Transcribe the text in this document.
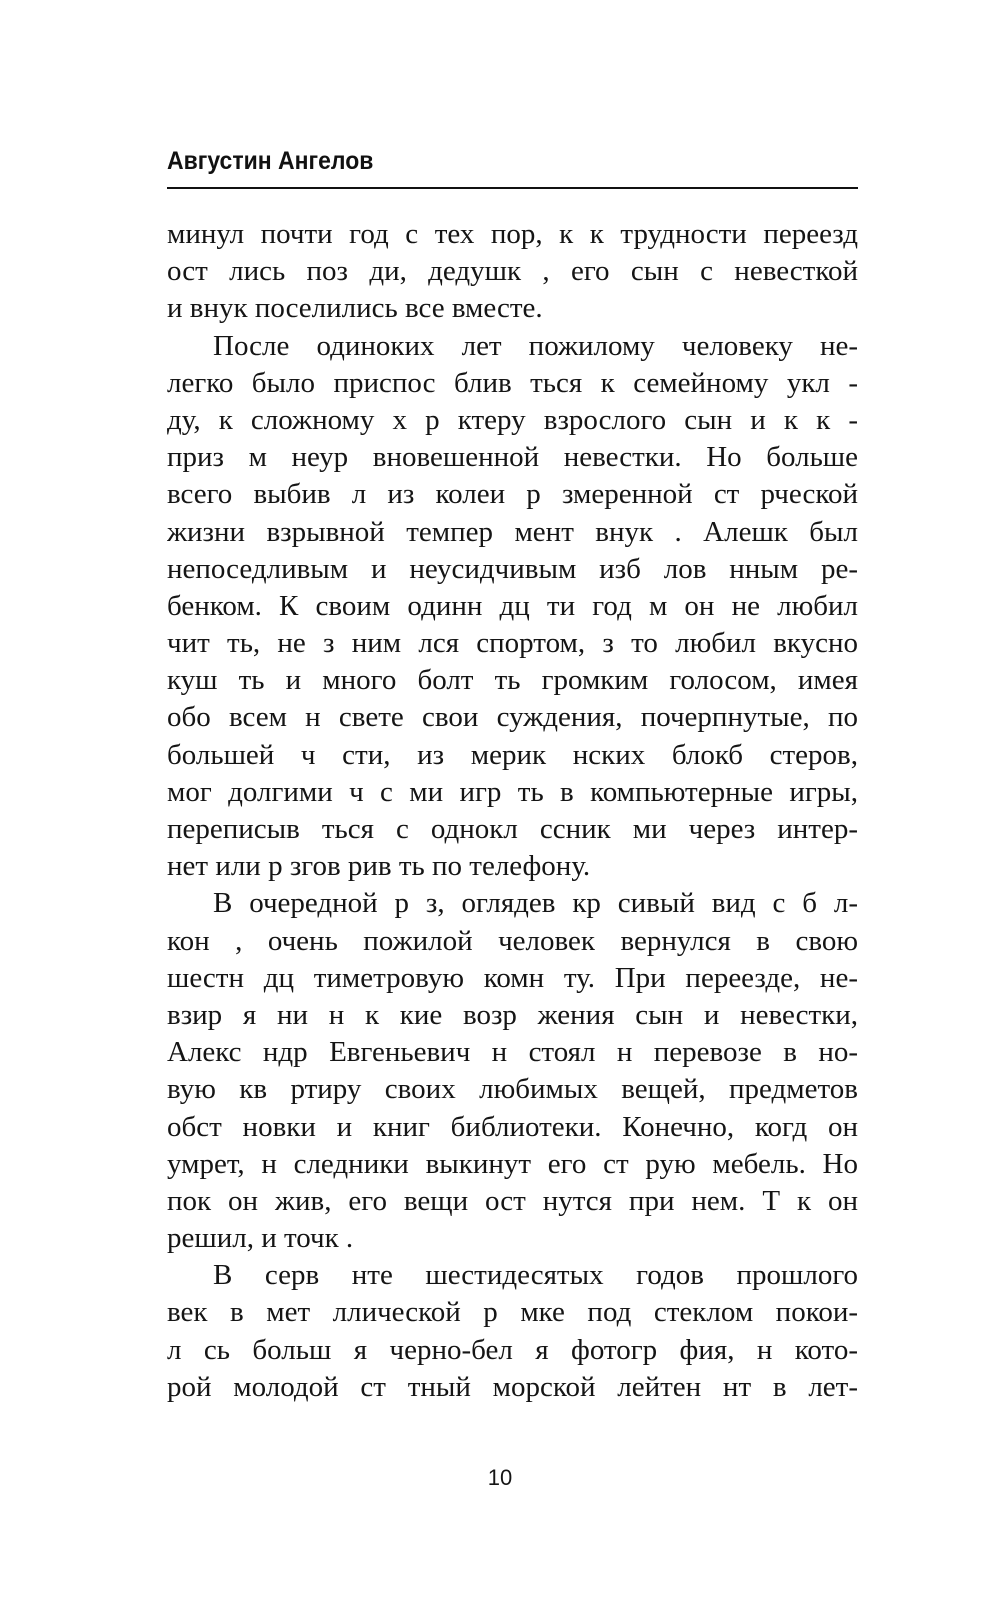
Августин Ангелов
минул почти год с тех пор, к к трудности переезд
ост лись поз ди, дедушк , его сын с невесткой
и внук поселились все вместе.
После одиноких лет пожилому человеку не-
легко было приспос блив ться к семейному укл -
ду, к сложному х р ктеру взрослого сын и к к -
приз м неур вновешенной невестки. Но больше
всего выбив л из колеи р змеренной ст рческой
жизни взрывной темпер мент внук . Алешк был
непоседливым и неусидчивым изб лов нным ре-
бенком. К своим одинн дц ти год м он не любил
чит ть, не з ним лся спортом, з то любил вкусно
куш ть и много болт ть громким голосом, имея
обо всем н свете свои суждения, почерпнутые, по
большей ч сти, из мерик нских блокб стеров,
мог долгими ч с ми игр ть в компьютерные игры,
переписыв ться с однокл ссник ми через интер-
нет или р згов рив ть по телефону.
В очередной р з, оглядев кр сивый вид с б л-
кон , очень пожилой человек вернулся в свою
шестн дц тиметровую комн ту. При переезде, не-
взир я ни н к кие возр жения сын и невестки,
Алекс ндр Евгеньевич н стоял н перевозе в но-
вую кв ртиру своих любимых вещей, предметов
обст новки и книг библиотеки. Конечно, когд он
умрет, н следники выкинут его ст рую мебель. Но
пок он жив, его вещи ост нутся при нем. Т к он
решил, и точк .
В серв нте шестидесятых годов прошлого
век в мет ллической р мке под стеклом покои-
л сь больш я черно-бел я фотогр фия, н кото-
рой молодой ст тный морской лейтен нт в лет-
10
